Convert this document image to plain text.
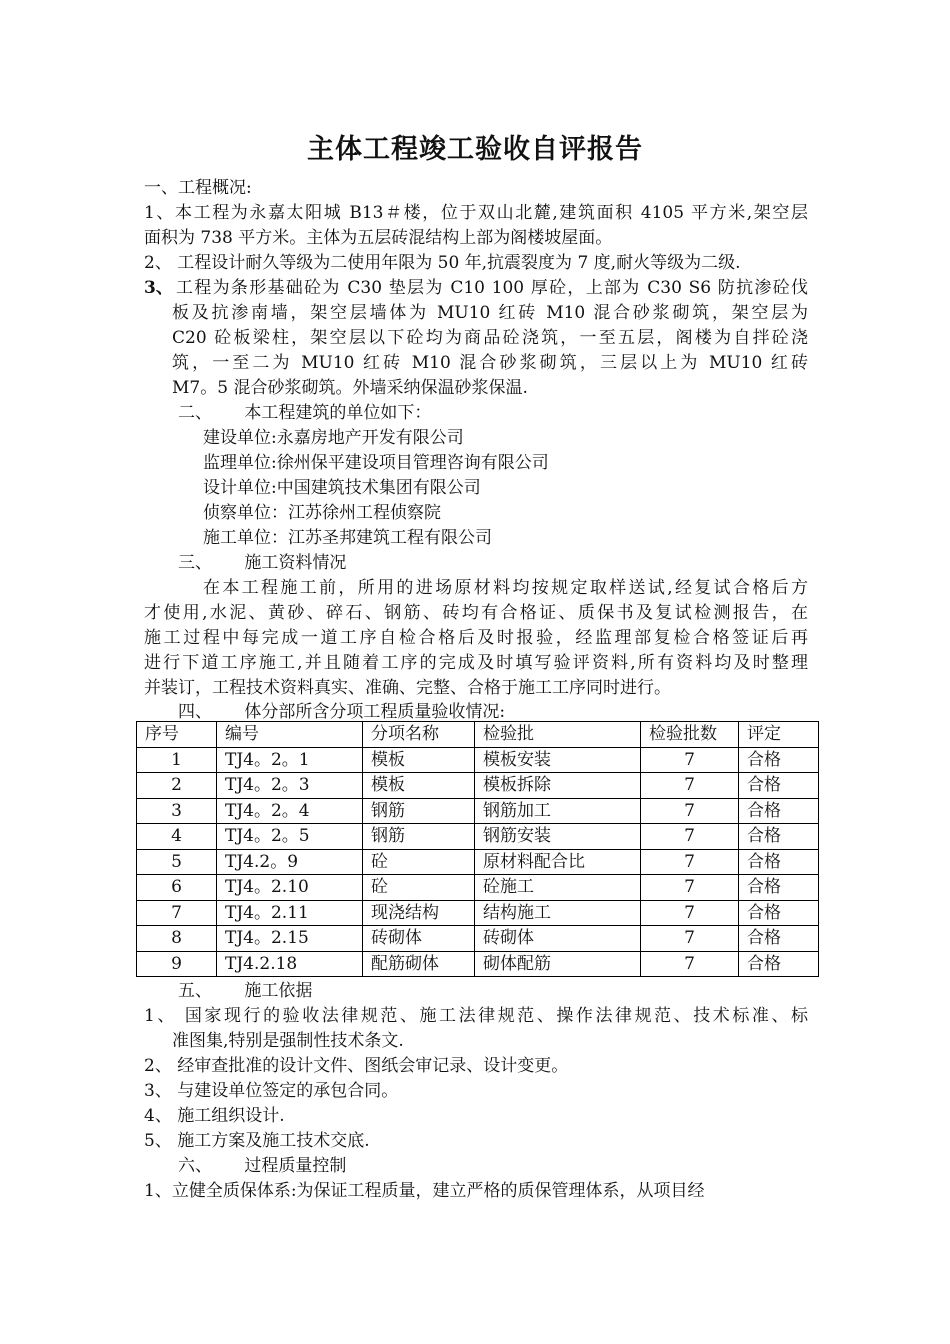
主体工程竣工验收自评报告
一、工程概况:
1、本工程为永嘉太阳城 B13＃楼，位于双山北麓,建筑面积 4105 平方米,架空层
面积为 738 平方米。主体为五层砖混结构上部为阁楼坡屋面。
2、 工程设计耐久等级为二使用年限为 50 年,抗震裂度为 7 度,耐火等级为二级.
3、 工程为条形基础砼为 C30 垫层为 C10 100 厚砼，上部为 C30 S6 防抗渗砼伐
板及抗渗南墙，架空层墙体为 MU10 红砖 M10 混合砂浆砌筑，架空层为
C20 砼板梁柱，架空层以下砼均为商品砼浇筑，一至五层，阁楼为自拌砼浇
筑，一至二为 MU10 红砖 M10 混合砂浆砌筑，三层以上为 MU10 红砖
M7。5 混合砂浆砌筑。外墙采纳保温砂浆保温.
二、      本工程建筑的单位如下：
建设单位:永嘉房地产开发有限公司
监理单位:徐州保平建设项目管理咨询有限公司
设计单位:中国建筑技术集团有限公司
侦察单位：江苏徐州工程侦察院
施工单位：江苏圣邦建筑工程有限公司
三、      施工资料情况
在本工程施工前，所用的进场原材料均按规定取样送试,经复试合格后方
才使用,水泥、黄砂、碎石、钢筋、砖均有合格证、质保书及复试检测报告，在
施工过程中每完成一道工序自检合格后及时报验，经监理部复检合格签证后再
进行下道工序施工,并且随着工序的完成及时填写验评资料,所有资料均及时整理
并装订，工程技术资料真实、准确、完整、合格于施工工序同时进行。
四、      体分部所含分项工程质量验收情况:
序号	编号	分项名称	检验批	检验批数	评定
1	TJ4。2。1	模板	模板安装	7	合格
2	TJ4。2。3	模板	模板拆除	7	合格
3	TJ4。2。4	钢筋	钢筋加工	7	合格
4	TJ4。2。5	钢筋	钢筋安装	7	合格
5	TJ4.2。9	砼	原材料配合比	7	合格
6	TJ4。2.10	砼	砼施工	7	合格
7	TJ4。2.11	现浇结构	结构施工	7	合格
8	TJ4。2.15	砖砌体	砖砌体	7	合格
9	TJ4.2.18	配筋砌体	砌体配筋	7	合格
五、      施工依据
1、 国家现行的验收法律规范、施工法律规范、操作法律规范、技术标准、标
准图集,特别是强制性技术条文.
2、 经审查批准的设计文件、图纸会审记录、设计变更。
3、 与建设单位签定的承包合同。
4、 施工组织设计.
5、 施工方案及施工技术交底.
六、      过程质量控制
1、立健全质保体系:为保证工程质量，建立严格的质保管理体系，从项目经
